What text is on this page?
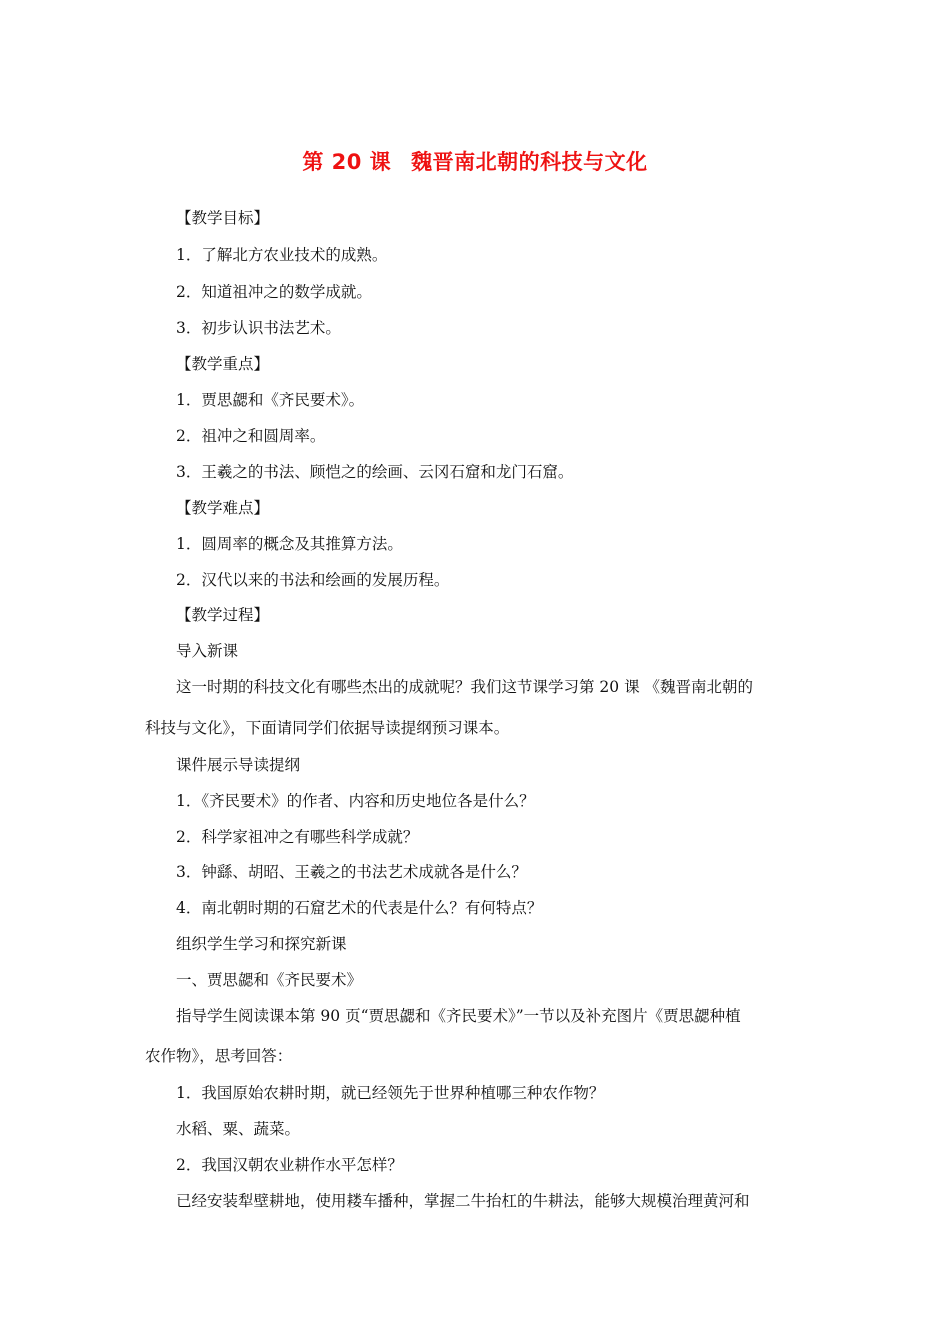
第 20 课 魏晋南北朝的科技与文化
【教学目标】
1．了解北方农业技术的成熟。
2．知道祖冲之的数学成就。
3．初步认识书法艺术。
【教学重点】
1．贾思勰和《齐民要术》。
2．祖冲之和圆周率。
3．王羲之的书法、顾恺之的绘画、云冈石窟和龙门石窟。
【教学难点】
1．圆周率的概念及其推算方法。
2．汉代以来的书法和绘画的发展历程。
【教学过程】
导入新课
这一时期的科技文化有哪些杰出的成就呢？我们这节课学习第 20 课 《魏晋南北朝的
科技与文化》，下面请同学们依据导读提纲预习课本。
课件展示导读提纲
1．《齐民要术》的作者、内容和历史地位各是什么？
2．科学家祖冲之有哪些科学成就？
3．钟繇、胡昭、王羲之的书法艺术成就各是什么？
4．南北朝时期的石窟艺术的代表是什么？有何特点？
组织学生学习和探究新课
一、贾思勰和《齐民要术》
指导学生阅读课本第 90 页“贾思勰和《齐民要术》”一节以及补充图片《贾思勰种植
农作物》，思考回答：
1．我国原始农耕时期，就已经领先于世界种植哪三种农作物？
水稻、粟、蔬菜。
2．我国汉朝农业耕作水平怎样？
已经安装犁壁耕地，使用耧车播种，掌握二牛抬杠的牛耕法，能够大规模治理黄河和
